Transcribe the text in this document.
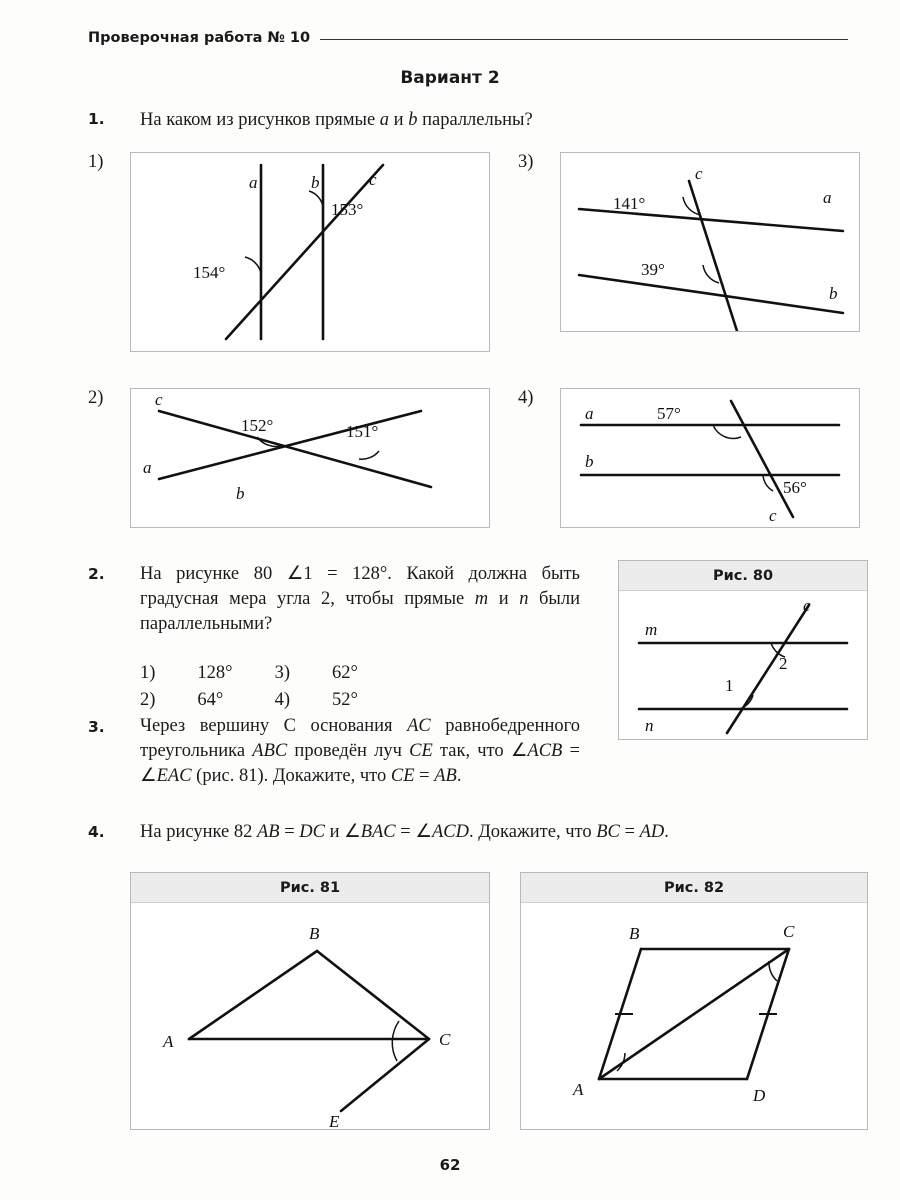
Проверочная работа № 10
Вариант 2
1. На каком из рисунков прямые a и b параллельны?
1)
2)
3)
4)
a	b	c
153°
154°
c
a
b
152°	151°
c
a
b
141°
39°
a
b
c
57°
56°
2. На рисунке 80 ∠1 = 128°. Какой должна быть градусная мера угла 2, чтобы прямые m и n были параллельными?
1)	128°	3)	62°
2)	64°	4)	52°
Рис. 80
m
n
c
1
2
3. Через вершину C основания AC равнобедренного треугольника ABC проведён луч CE так, что ∠ACB = ∠EAC (рис. 81). Докажите, что CE = AB.
4. На рисунке 82 AB = DC и ∠BAC = ∠ACD. Докажите, что BC = AD.
Рис. 81
B
A	C
E
Рис. 82
B	C
A	D
62
